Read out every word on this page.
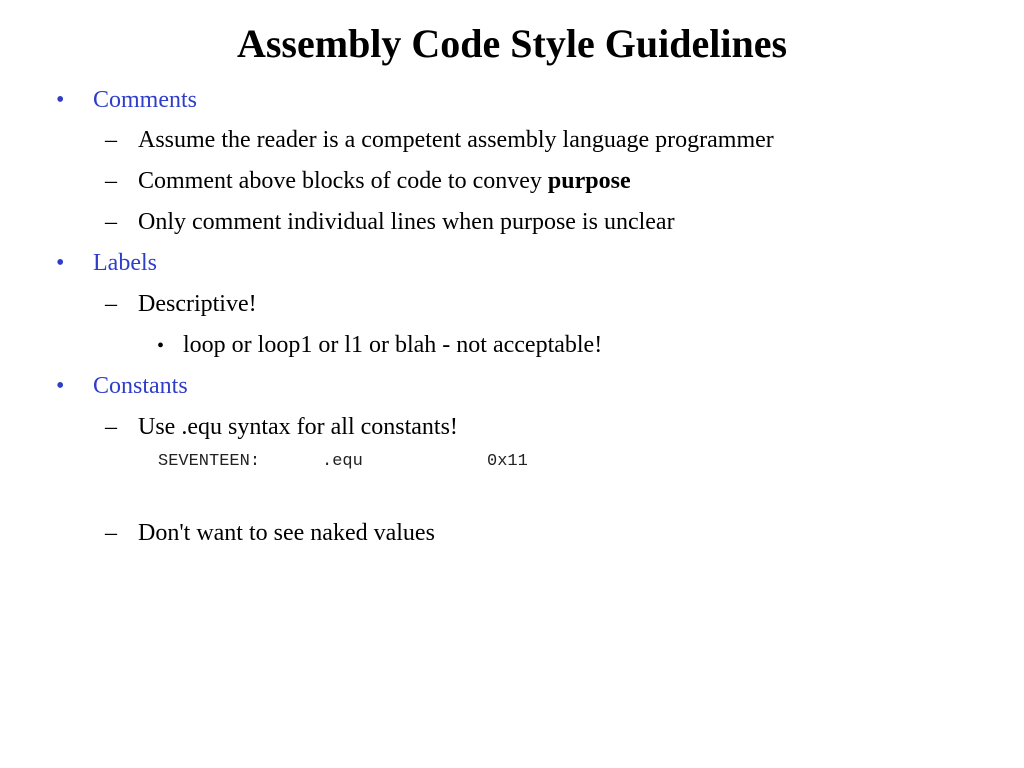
Assembly Code Style Guidelines
• Comments
– Assume the reader is a competent assembly language programmer
– Comment above blocks of code to convey purpose
– Only comment individual lines when purpose is unclear
• Labels
– Descriptive!
• loop or loop1 or l1 or blah - not acceptable!
• Constants
– Use .equ syntax for all constants!
SEVENTEEN:	.equ	0x11
– Don't want to see naked values
